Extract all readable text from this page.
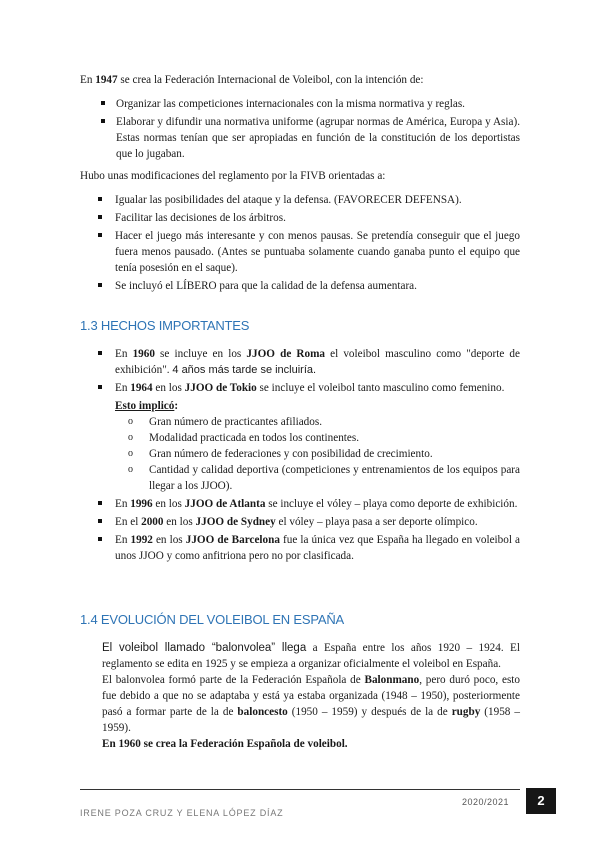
En 1947 se crea la Federación Internacional de Voleibol, con la intención de:

Organizar las competiciones internacionales con la misma normativa y reglas.
Elaborar y difundir una normativa uniforme (agrupar normas de América, Europa y Asia). Estas normas tenían que ser apropiadas en función de la constitución de los deportistas que lo jugaban.

Hubo unas modificaciones del reglamento por la FIVB orientadas a:

Igualar las posibilidades del ataque y la defensa. (FAVORECER DEFENSA).
Facilitar las decisiones de los árbitros.
Hacer el juego más interesante y con menos pausas. Se pretendía conseguir que el juego fuera menos pausado. (Antes se puntuaba solamente cuando ganaba punto el equipo que tenía posesión en el saque).
Se incluyó el LÍBERO para que la calidad de la defensa aumentara.
1.3 HECHOS IMPORTANTES
En 1960 se incluye en los JJOO de Roma el voleibol masculino como "deporte de exhibición". 4 años más tarde se incluiría.
En 1964 en los JJOO de Tokio se incluye el voleibol tanto masculino como femenino.
Esto implicó:
o Gran número de practicantes afiliados.
o Modalidad practicada en todos los continentes.
o Gran número de federaciones y con posibilidad de crecimiento.
o Cantidad y calidad deportiva (competiciones y entrenamientos de los equipos para llegar a los JJOO).
En 1996 en los JJOO de Atlanta se incluye el vóley – playa como deporte de exhibición.
En el 2000 en los JJOO de Sydney el vóley – playa pasa a ser deporte olímpico.
En 1992 en los JJOO de Barcelona fue la única vez que España ha llegado en voleibol a unos JJOO y como anfitriona pero no por clasificada.
1.4 EVOLUCIÓN DEL VOLEIBOL EN ESPAÑA
El voleibol llamado “balonvolea” llega a España entre los años 1920 – 1924. El reglamento se edita en 1925 y se empieza a organizar oficialmente el voleibol en España.
El balonvolea formó parte de la Federación Española de Balonmano, pero duró poco, esto fue debido a que no se adaptaba y está ya estaba organizada (1948 – 1950), posteriormente pasó a formar parte de la de baloncesto (1950 – 1959) y después de la de rugby (1958 – 1959).
En 1960 se crea la Federación Española de voleibol.
2020/2021	2
IRENE POZA CRUZ Y ELENA LÓPEZ DÍAZ
